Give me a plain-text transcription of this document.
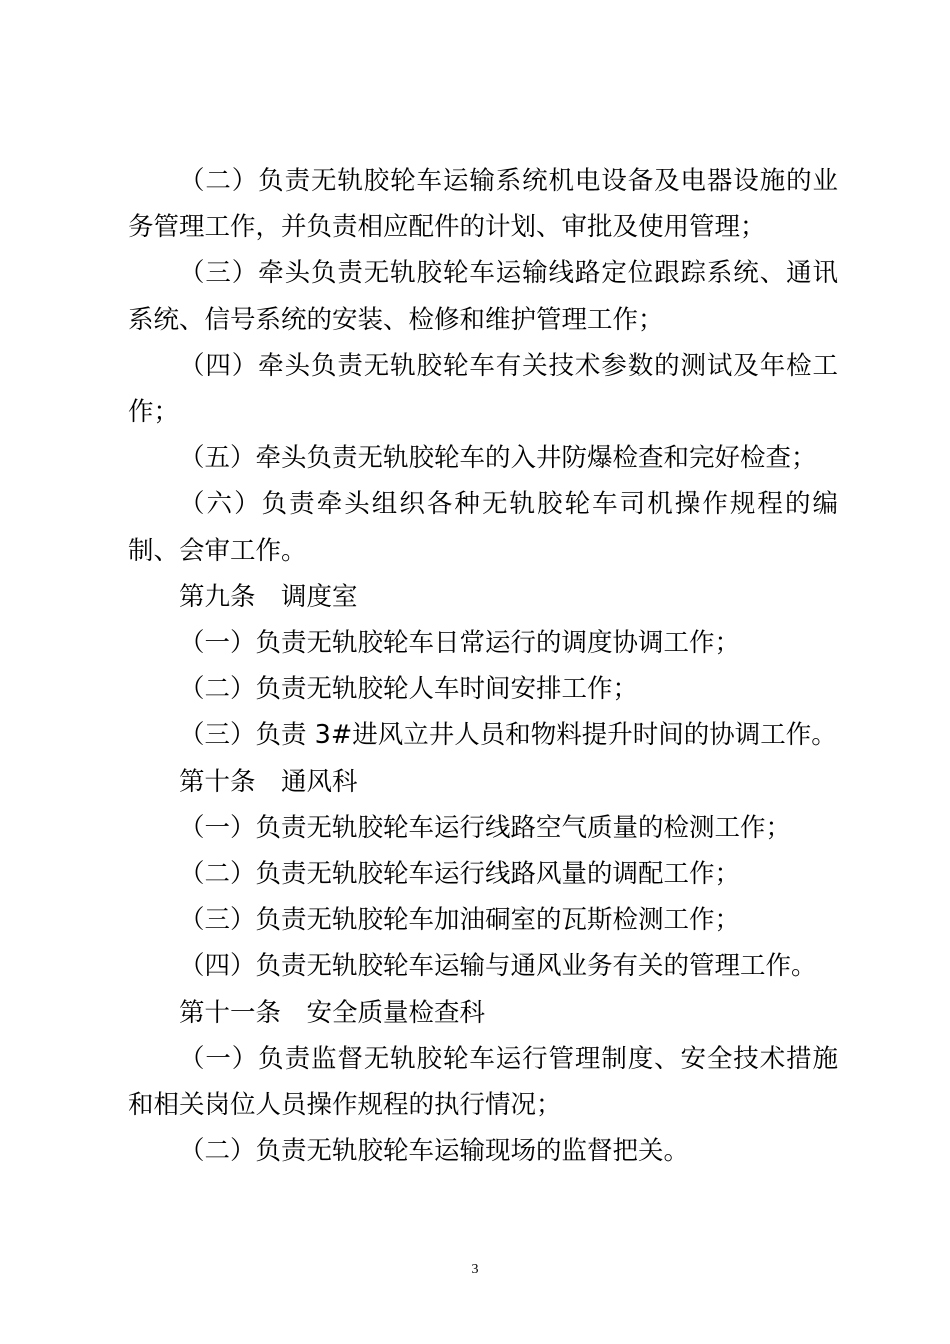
（二）负责无轨胶轮车运输系统机电设备及电器设施的业务管理工作，并负责相应配件的计划、审批及使用管理；

（三）牵头负责无轨胶轮车运输线路定位跟踪系统、通讯系统、信号系统的安装、检修和维护管理工作；

（四）牵头负责无轨胶轮车有关技术参数的测试及年检工作；

（五）牵头负责无轨胶轮车的入井防爆检查和完好检查；

（六）负责牵头组织各种无轨胶轮车司机操作规程的编制、会审工作。

第九条　调度室

（一）负责无轨胶轮车日常运行的调度协调工作；

（二）负责无轨胶轮人车时间安排工作；

（三）负责 3#进风立井人员和物料提升时间的协调工作。

第十条　通风科

（一）负责无轨胶轮车运行线路空气质量的检测工作；

（二）负责无轨胶轮车运行线路风量的调配工作；

（三）负责无轨胶轮车加油硐室的瓦斯检测工作；

（四）负责无轨胶轮车运输与通风业务有关的管理工作。

第十一条　安全质量检查科

（一）负责监督无轨胶轮车运行管理制度、安全技术措施和相关岗位人员操作规程的执行情况；

（二）负责无轨胶轮车运输现场的监督把关。

3
